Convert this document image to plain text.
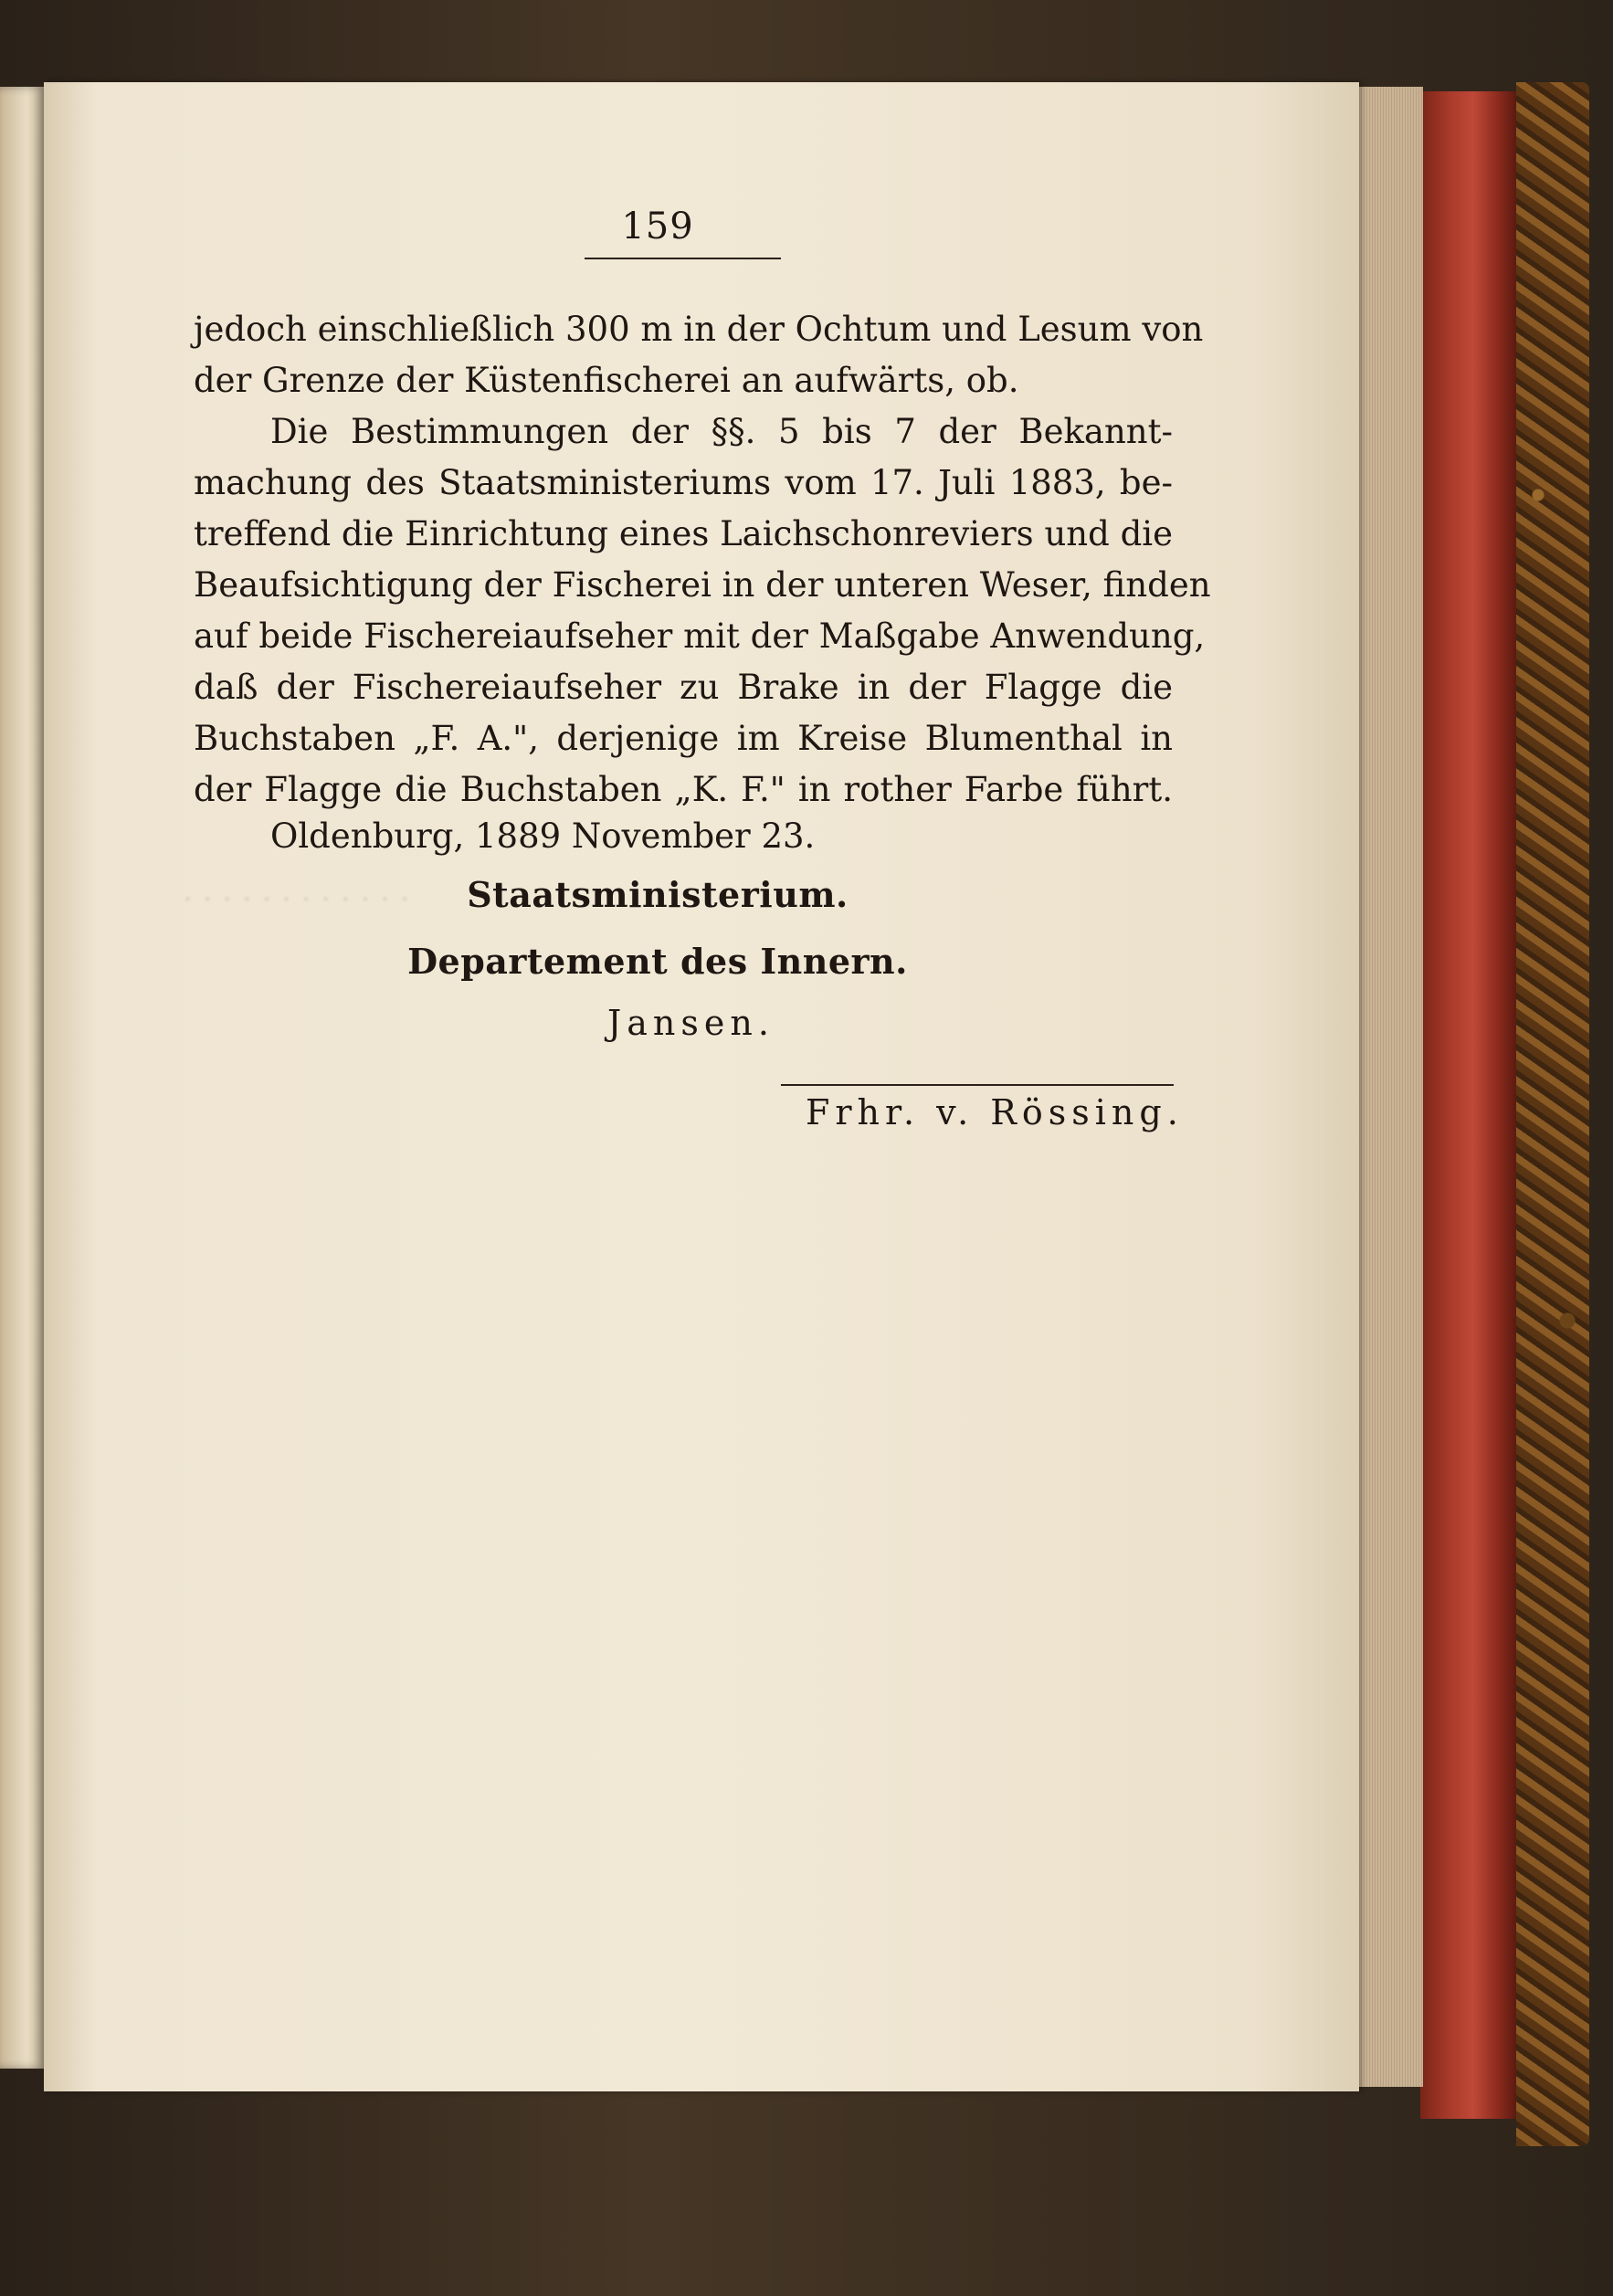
. . . . . . . . . . . .
159
jedoch einschließlich 300 m in der Ochtum und Lesum von
der Grenze der Küstenfischerei an aufwärts, ob.
Die Bestimmungen der §§. 5 bis 7 der Bekannt-
machung des Staatsministeriums vom 17. Juli 1883, be-
treffend die Einrichtung eines Laichschonreviers und die
Beaufsichtigung der Fischerei in der unteren Weser, finden
auf beide Fischereiaufseher mit der Maßgabe Anwendung,
daß der Fischereiaufseher zu Brake in der Flagge die
Buchstaben „F. A.", derjenige im Kreise Blumenthal in
der Flagge die Buchstaben „K. F." in rother Farbe führt.
Oldenburg, 1889 November 23.
Staatsministerium.
Departement des Innern.
Jansen.
Frhr. v. Rössing.
